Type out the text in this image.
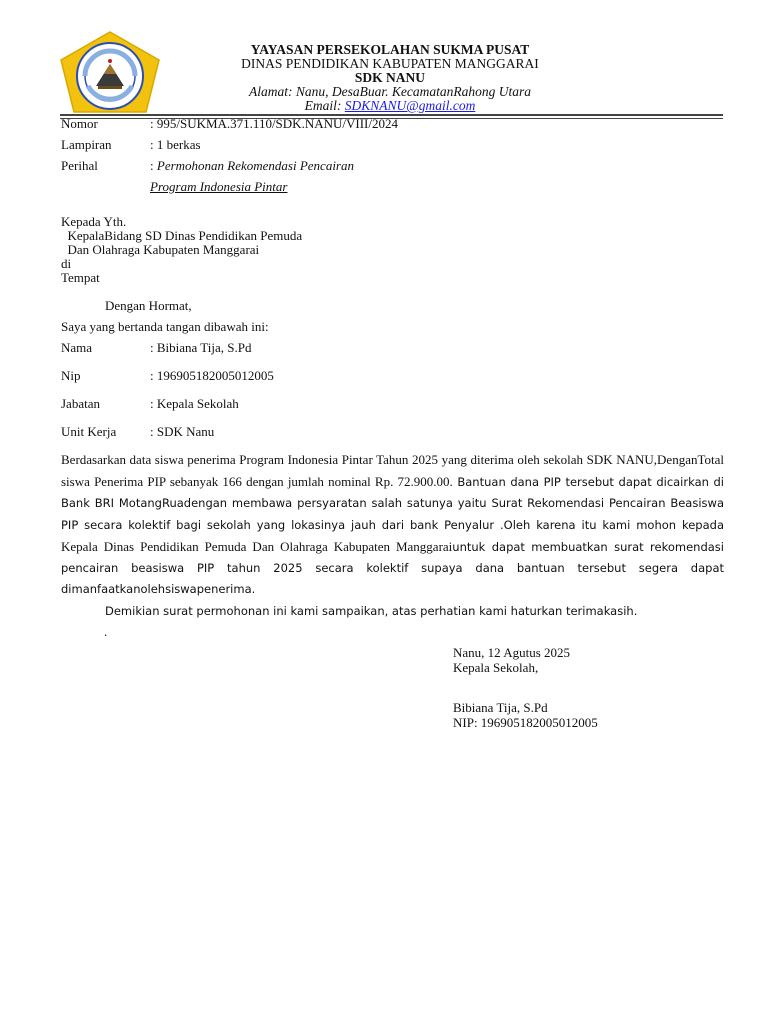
YAYASAN PERSEKOLAHAN SUKMA PUSAT
DINAS PENDIDIKAN KABUPATEN MANGGARAI
SDK NANU
Alamat: Nanu, DesaBuar. KecamatanRahong Utara
Email: SDKNANU@gmail.com
Nomor	: 995/SUKMA.371.110/SDK.NANU/VIII/2024
Lampiran	: 1 berkas
Perihal	: Permohonan Rekomendasi Pencairan
Program Indonesia Pintar
Kepada Yth.
KepalaBidang SD Dinas Pendidikan Pemuda
Dan Olahraga Kabupaten Manggarai
di
Tempat
Dengan Hormat,
Saya yang bertanda tangan dibawah ini:
Nama	: Bibiana Tija, S.Pd
Nip	: 196905182005012005
Jabatan	: Kepala Sekolah
Unit Kerja	: SDK Nanu
Berdasarkan data siswa penerima Program Indonesia Pintar Tahun 2025 yang diterima oleh sekolah SDK NANU,DenganTotal siswa Penerima PIP sebanyak 166 dengan jumlah nominal Rp. 72.900.00. Bantuan dana PIP tersebut dapat dicairkan di Bank BRI MotangRuadengan membawa persyaratan salah satunya yaitu Surat Rekomendasi Pencairan Beasiswa PIP secara kolektif bagi sekolah yang lokasinya jauh dari bank Penyalur .Oleh karena itu kami mohon kepada Kepala Dinas Pendidikan Pemuda Dan Olahraga Kabupaten Manggaraiuntuk dapat membuatkan surat rekomendasi pencairan beasiswa PIP tahun 2025 secara kolektif supaya dana bantuan tersebut segera dapat dimanfaatkanolehsiswapenerima.
Demikian surat permohonan ini kami sampaikan, atas perhatian kami haturkan terimakasih.
.
Nanu, 12 Agutus 2025
Kepala Sekolah,
Bibiana Tija, S.Pd
NIP: 196905182005012005
